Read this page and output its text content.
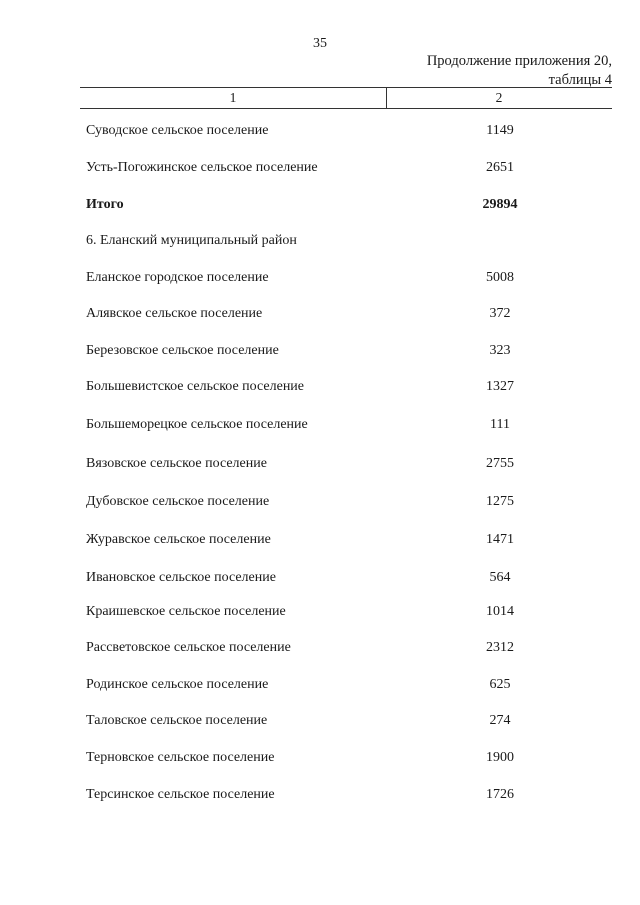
35
Продолжение приложения 20,
таблицы 4
1	2
Суводское сельское поселение	1149
Усть-Погожинское сельское поселение	2651
Итого	29894
6. Еланский муниципальный район
Еланское городское поселение	5008
Алявское сельское поселение	372
Березовское сельское поселение	323
Большевистское сельское поселение	1327
Большеморецкое сельское поселение	111
Вязовское сельское поселение	2755
Дубовское сельское поселение	1275
Журавское сельское поселение	1471
Ивановское сельское поселение	564
Краишевское сельское поселение	1014
Рассветовское сельское поселение	2312
Родинское сельское поселение	625
Таловское сельское поселение	274
Терновское сельское поселение	1900
Терсинское сельское поселение	1726
